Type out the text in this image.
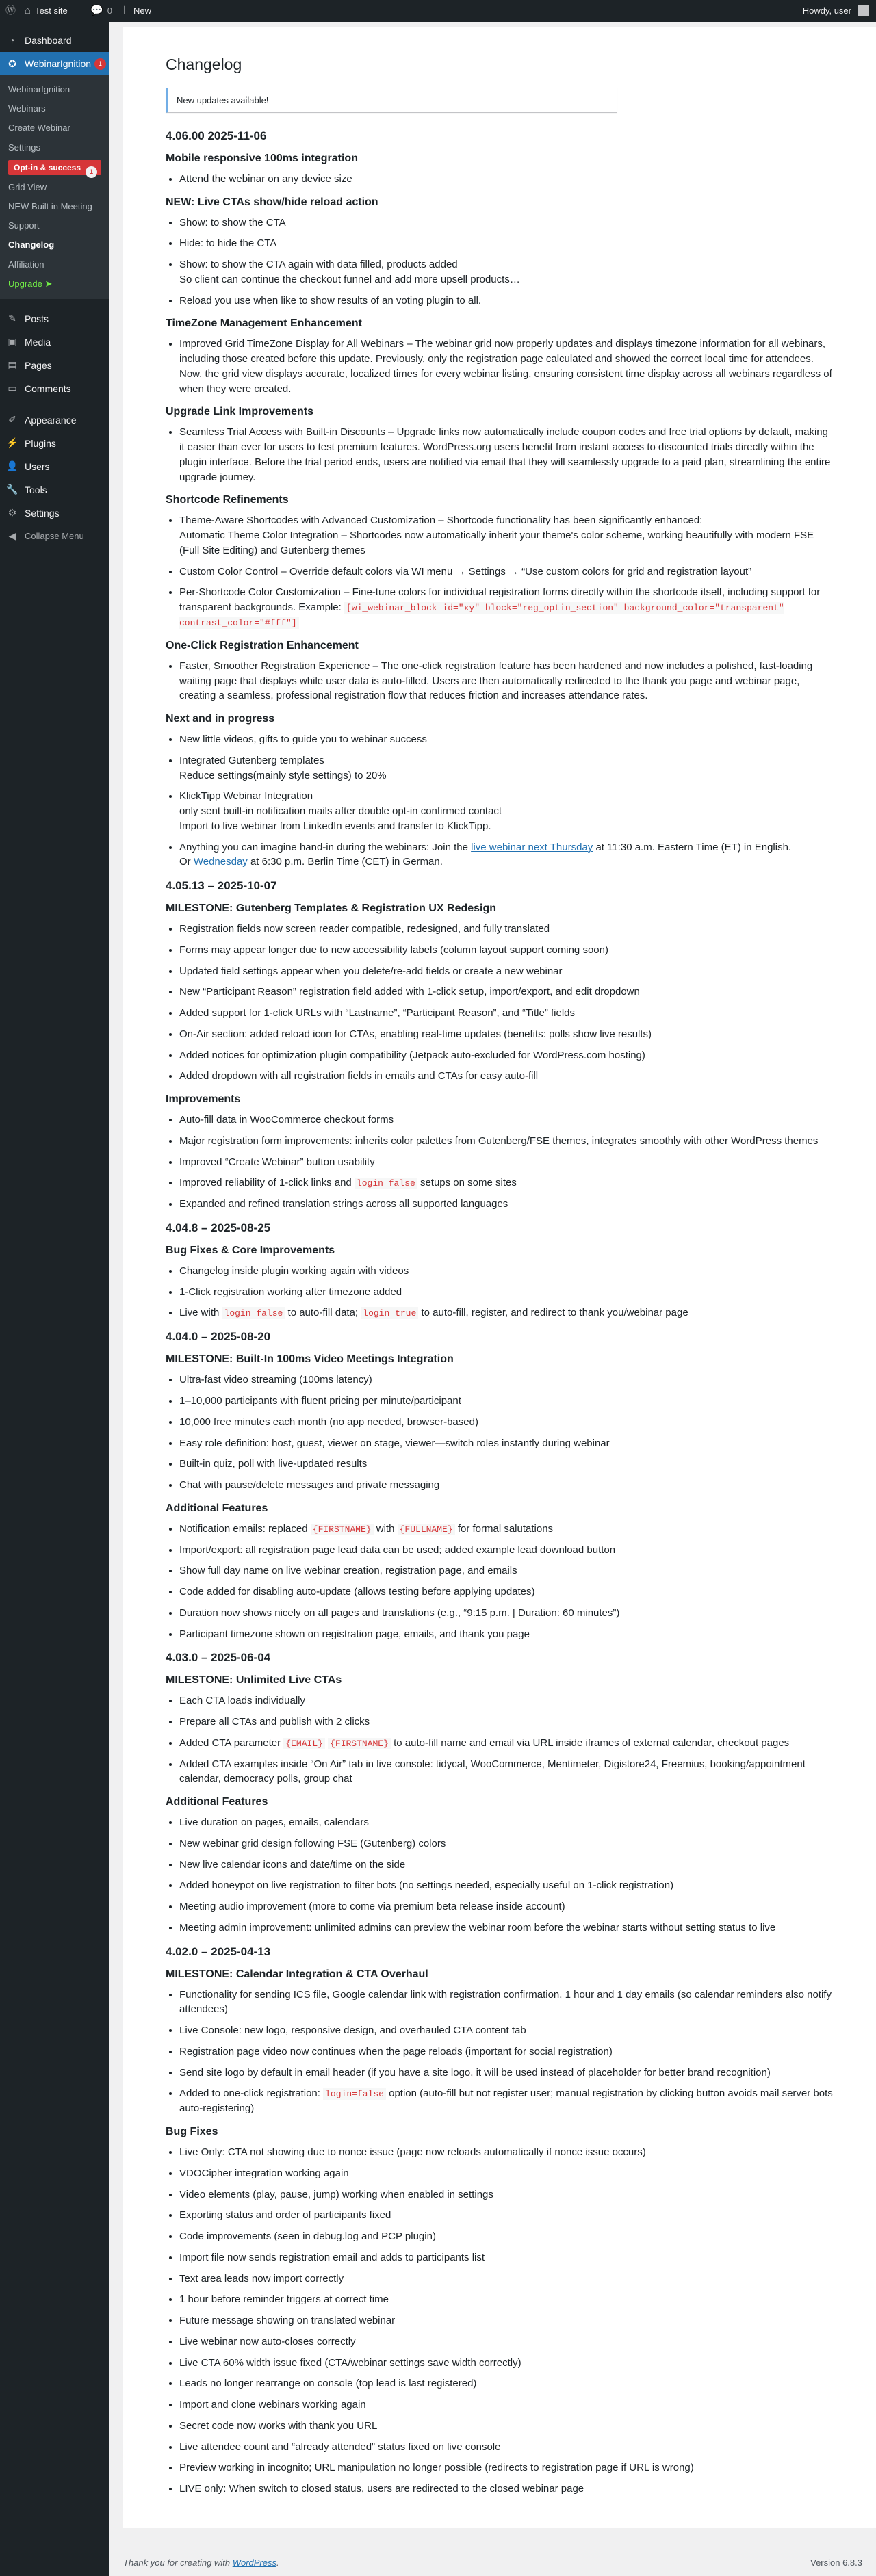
Ⓦ ⌂ Test site 💬 0 ＋ New	Howdy, user
◔ Dashboard
✪ WebinarIgnition	1
WebinarIgnition
Webinars
Create Webinar
Settings
Opt-in & success	1
Grid View
NEW Built in Meeting
Support
Changelog
Affiliation
Upgrade ➤
✎ Posts
▣ Media
▤ Pages
▭ Comments
✐ Appearance
⚡ Plugins
👤 Users
🔧 Tools
⚙ Settings
◀ Collapse Menu
Changelog
New updates available!
4.06.00 2025-11-06
Mobile responsive 100ms integration
• Attend the webinar on any device size
NEW: Live CTAs show/hide reload action
• Show: to show the CTA
• Hide: to hide the CTA
• Show: to show the CTA again with data filled, products added
So client can continue the checkout funnel and add more upsell products…
• Reload you use when like to show results of an voting plugin to all.
TimeZone Management Enhancement
• Improved Grid TimeZone Display for All Webinars – The webinar grid now properly updates and displays timezone information for all webinars, including those created before this update. Previously, only the registration page calculated and showed the correct local time for attendees. Now, the grid view displays accurate, localized times for every webinar listing, ensuring consistent time display across all webinars regardless of when they were created.
Upgrade Link Improvements
• Seamless Trial Access with Built-in Discounts – Upgrade links now automatically include coupon codes and free trial options by default, making it easier than ever for users to test premium features. WordPress.org users benefit from instant access to discounted trials directly within the plugin interface. Before the trial period ends, users are notified via email that they will seamlessly upgrade to a paid plan, streamlining the entire upgrade journey.
Shortcode Refinements
• Theme-Aware Shortcodes with Advanced Customization – Shortcode functionality has been significantly enhanced:
Automatic Theme Color Integration – Shortcodes now automatically inherit your theme's color scheme, working beautifully with modern FSE (Full Site Editing) and Gutenberg themes
• Custom Color Control – Override default colors via WI menu → Settings → “Use custom colors for grid and registration layout”
• Per-Shortcode Color Customization – Fine-tune colors for individual registration forms directly within the shortcode itself, including support for transparent backgrounds. Example: [wi_webinar_block id="xy" block="reg_optin_section" background_color="transparent" contrast_color="#fff"]
One-Click Registration Enhancement
• Faster, Smoother Registration Experience – The one-click registration feature has been hardened and now includes a polished, fast-loading waiting page that displays while user data is auto-filled. Users are then automatically redirected to the thank you page and webinar page, creating a seamless, professional registration flow that reduces friction and increases attendance rates.
Next and in progress
• New little videos, gifts to guide you to webinar success
• Integrated Gutenberg templates
Reduce settings(mainly style settings) to 20%
• KlickTipp Webinar Integration
only sent built-in notification mails after double opt-in confirmed contact
Import to live webinar from LinkedIn events and transfer to KlickTipp.
• Anything you can imagine hand-in during the webinars: Join the live webinar next Thursday at 11:30 a.m. Eastern Time (ET) in English.
Or Wednesday at 6:30 p.m. Berlin Time (CET) in German.
4.05.13 – 2025-10-07
MILESTONE: Gutenberg Templates & Registration UX Redesign
• Registration fields now screen reader compatible, redesigned, and fully translated
• Forms may appear longer due to new accessibility labels (column layout support coming soon)
• Updated field settings appear when you delete/re-add fields or create a new webinar
• New “Participant Reason” registration field added with 1-click setup, import/export, and edit dropdown
• Added support for 1-click URLs with “Lastname”, “Participant Reason”, and “Title” fields
• On-Air section: added reload icon for CTAs, enabling real-time updates (benefits: polls show live results)
• Added notices for optimization plugin compatibility (Jetpack auto-excluded for WordPress.com hosting)
• Added dropdown with all registration fields in emails and CTAs for easy auto-fill
Improvements
• Auto-fill data in WooCommerce checkout forms
• Major registration form improvements: inherits color palettes from Gutenberg/FSE themes, integrates smoothly with other WordPress themes
• Improved “Create Webinar” button usability
• Improved reliability of 1-click links and login=false setups on some sites
• Expanded and refined translation strings across all supported languages
4.04.8 – 2025-08-25
Bug Fixes & Core Improvements
• Changelog inside plugin working again with videos
• 1-Click registration working after timezone added
• Live with login=false to auto-fill data; login=true to auto-fill, register, and redirect to thank you/webinar page
4.04.0 – 2025-08-20
MILESTONE: Built-In 100ms Video Meetings Integration
• Ultra-fast video streaming (100ms latency)
• 1–10,000 participants with fluent pricing per minute/participant
• 10,000 free minutes each month (no app needed, browser-based)
• Easy role definition: host, guest, viewer on stage, viewer—switch roles instantly during webinar
• Built-in quiz, poll with live-updated results
• Chat with pause/delete messages and private messaging
Additional Features
• Notification emails: replaced {FIRSTNAME} with {FULLNAME} for formal salutations
• Import/export: all registration page lead data can be used; added example lead download button
• Show full day name on live webinar creation, registration page, and emails
• Code added for disabling auto-update (allows testing before applying updates)
• Duration now shows nicely on all pages and translations (e.g., “9:15 p.m. | Duration: 60 minutes”)
• Participant timezone shown on registration page, emails, and thank you page
4.03.0 – 2025-06-04
MILESTONE: Unlimited Live CTAs
• Each CTA loads individually
• Prepare all CTAs and publish with 2 clicks
• Added CTA parameter {EMAIL} {FIRSTNAME} to auto-fill name and email via URL inside iframes of external calendar, checkout pages
• Added CTA examples inside “On Air” tab in live console: tidycal, WooCommerce, Mentimeter, Digistore24, Freemius, booking/appointment calendar, democracy polls, group chat
Additional Features
• Live duration on pages, emails, calendars
• New webinar grid design following FSE (Gutenberg) colors
• New live calendar icons and date/time on the side
• Added honeypot on live registration to filter bots (no settings needed, especially useful on 1-click registration)
• Meeting audio improvement (more to come via premium beta release inside account)
• Meeting admin improvement: unlimited admins can preview the webinar room before the webinar starts without setting status to live
4.02.0 – 2025-04-13
MILESTONE: Calendar Integration & CTA Overhaul
• Functionality for sending ICS file, Google calendar link with registration confirmation, 1 hour and 1 day emails (so calendar reminders also notify attendees)
• Live Console: new logo, responsive design, and overhauled CTA content tab
• Registration page video now continues when the page reloads (important for social registration)
• Send site logo by default in email header (if you have a site logo, it will be used instead of placeholder for better brand recognition)
• Added to one-click registration: login=false option (auto-fill but not register user; manual registration by clicking button avoids mail server bots auto-registering)
Bug Fixes
• Live Only: CTA not showing due to nonce issue (page now reloads automatically if nonce issue occurs)
• VDOCipher integration working again
• Video elements (play, pause, jump) working when enabled in settings
• Exporting status and order of participants fixed
• Code improvements (seen in debug.log and PCP plugin)
• Import file now sends registration email and adds to participants list
• Text area leads now import correctly
• 1 hour before reminder triggers at correct time
• Future message showing on translated webinar
• Live webinar now auto-closes correctly
• Live CTA 60% width issue fixed (CTA/webinar settings save width correctly)
• Leads no longer rearrange on console (top lead is last registered)
• Import and clone webinars working again
• Secret code now works with thank you URL
• Live attendee count and “already attended” status fixed on live console
• Preview working in incognito; URL manipulation no longer possible (redirects to registration page if URL is wrong)
• LIVE only: When switch to closed status, users are redirected to the closed webinar page
Thank you for creating with WordPress.	Version 6.8.3
